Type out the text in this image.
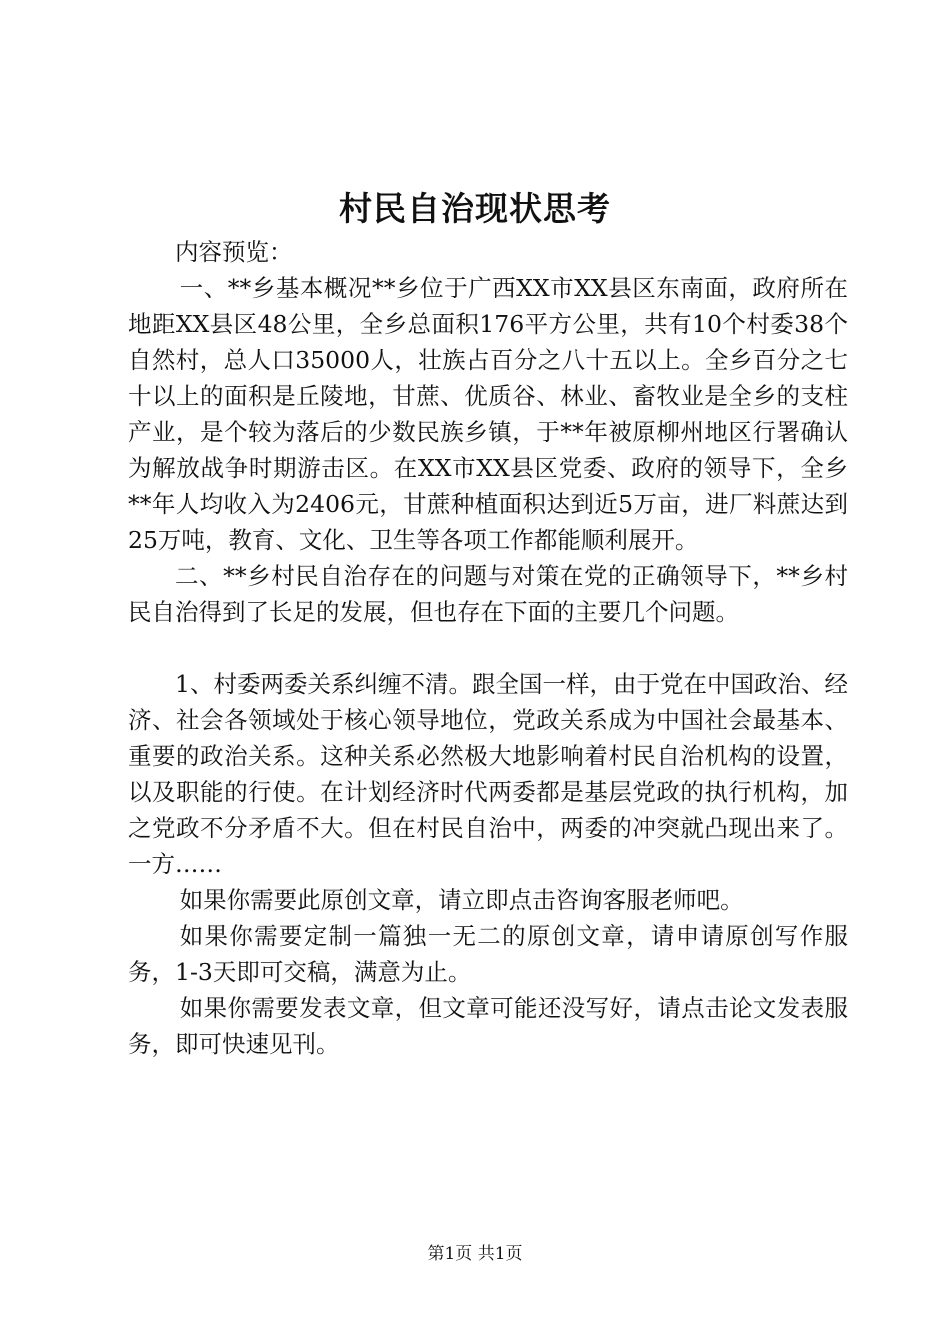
村民自治现状思考

内容预览：

一、**乡基本概况**乡位于广西XX市XX县区东南面，政府所在地距XX县区48公里，全乡总面积176平方公里，共有10个村委38个自然村，总人口35000人，壮族占百分之八十五以上。全乡百分之七十以上的面积是丘陵地，甘蔗、优质谷、林业、畜牧业是全乡的支柱产业，是个较为落后的少数民族乡镇，于**年被原柳州地区行署确认为解放战争时期游击区。在XX市XX县区党委、政府的领导下，全乡**年人均收入为2406元，甘蔗种植面积达到近5万亩，进厂料蔗达到25万吨，教育、文化、卫生等各项工作都能顺利展开。

二、**乡村民自治存在的问题与对策在党的正确领导下，**乡村民自治得到了长足的发展，但也存在下面的主要几个问题。

1、村委两委关系纠缠不清。跟全国一样，由于党在中国政治、经济、社会各领域处于核心领导地位，党政关系成为中国社会最基本、重要的政治关系。这种关系必然极大地影响着村民自治机构的设置，以及职能的行使。在计划经济时代两委都是基层党政的执行机构，加之党政不分矛盾不大。但在村民自治中，两委的冲突就凸现出来了。一方……

如果你需要此原创文章，请立即点击咨询客服老师吧。

如果你需要定制一篇独一无二的原创文章，请申请原创写作服务，1-3天即可交稿，满意为止。

如果你需要发表文章，但文章可能还没写好，请点击论文发表服务，即可快速见刊。

第1页 共1页
